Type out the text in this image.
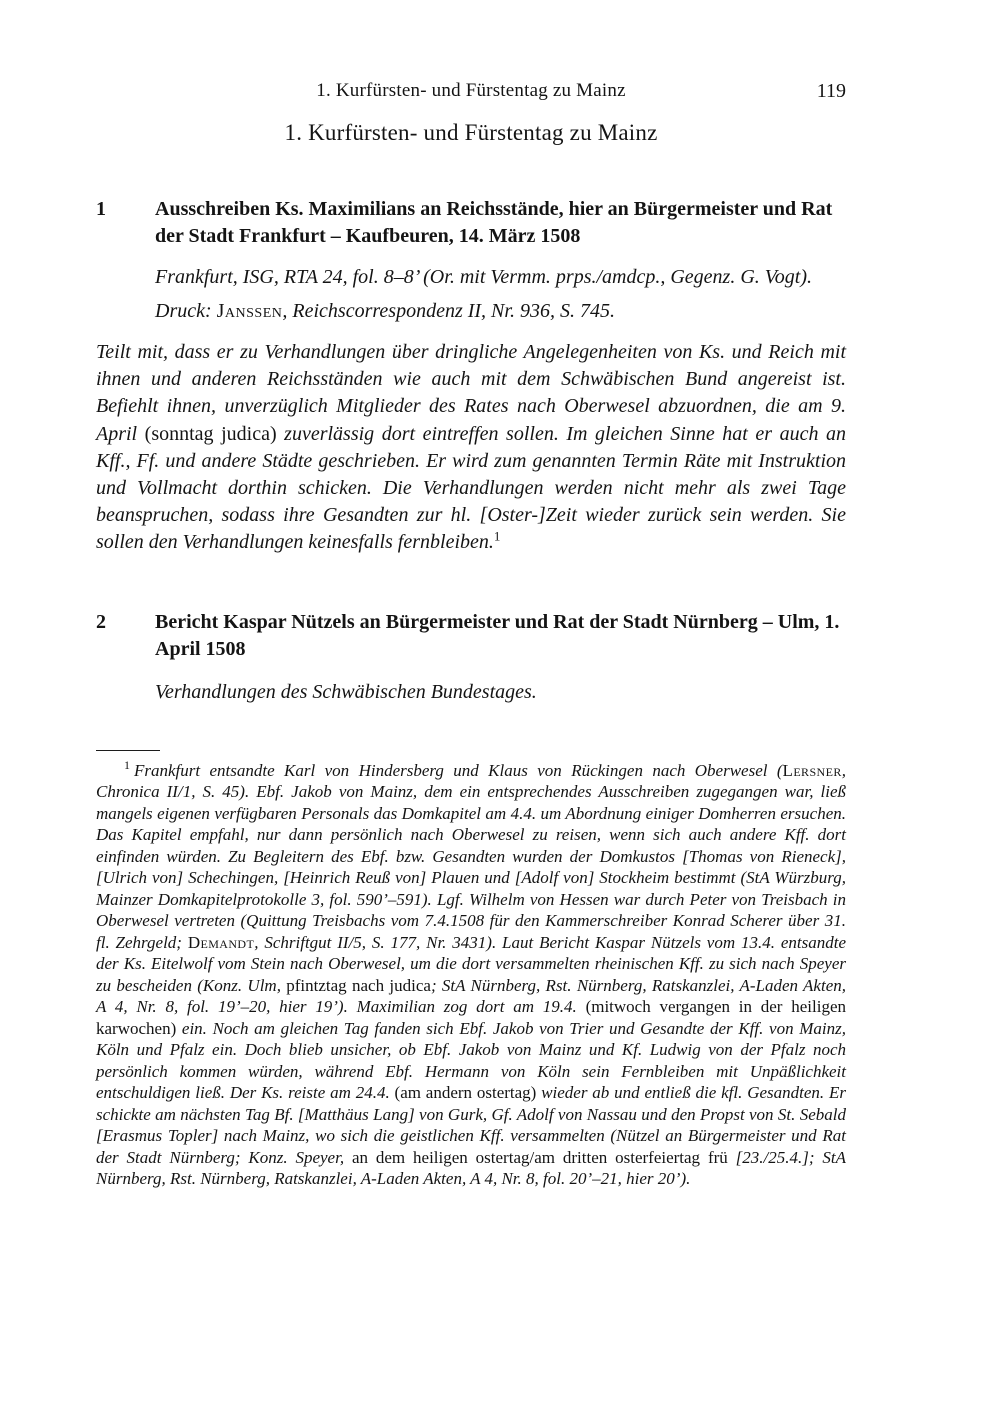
1. Kurfürsten- und Fürstentag zu Mainz	119
1. Kurfürsten- und Fürstentag zu Mainz
1	Ausschreiben Ks. Maximilians an Reichsstände, hier an Bürgermeister und Rat der Stadt Frankfurt – Kaufbeuren, 14. März 1508

Frankfurt, ISG, RTA 24, fol. 8–8’ (Or. mit Vermm. prps./amdcp., Gegenz. G. Vogt).

Druck: Janssen, Reichscorrespondenz II, Nr. 936, S. 745.

Teilt mit, dass er zu Verhandlungen über dringliche Angelegenheiten von Ks. und Reich mit ihnen und anderen Reichsständen wie auch mit dem Schwäbischen Bund angereist ist. Befiehlt ihnen, unverzüglich Mitglieder des Rates nach Oberwesel abzuordnen, die am 9. April (sonntag judica) zuverlässig dort eintreffen sollen. Im gleichen Sinne hat er auch an Kff., Ff. und andere Städte geschrieben. Er wird zum genannten Termin Räte mit Instruktion und Vollmacht dorthin schicken. Die Verhandlungen werden nicht mehr als zwei Tage beanspruchen, sodass ihre Gesandten zur hl. [Oster-]Zeit wieder zurück sein werden. Sie sollen den Verhandlungen keinesfalls fernbleiben.$^1$

2	Bericht Kaspar Nützels an Bürgermeister und Rat der Stadt Nürnberg – Ulm, 1. April 1508

Verhandlungen des Schwäbischen Bundestages.

$^1$ Frankfurt entsandte Karl von Hindersberg und Klaus von Rückingen nach Oberwesel (Lersner, Chronica II/1, S. 45). Ebf. Jakob von Mainz, dem ein entsprechendes Ausschreiben zugegangen war, ließ mangels eigenen verfügbaren Personals das Domkapitel am 4.4. um Abordnung einiger Domherren ersuchen. Das Kapitel empfahl, nur dann persönlich nach Oberwesel zu reisen, wenn sich auch andere Kff. dort einfinden würden. Zu Begleitern des Ebf. bzw. Gesandten wurden der Domkustos [Thomas von Rieneck], [Ulrich von] Schechingen, [Heinrich Reuß von] Plauen und [Adolf von] Stockheim bestimmt (StA Würzburg, Mainzer Domkapitelprotokolle 3, fol. 590’–591). Lgf. Wilhelm von Hessen war durch Peter von Treisbach in Oberwesel vertreten (Quittung Treisbachs vom 7.4.1508 für den Kammerschreiber Konrad Scherer über 31. fl. Zehrgeld; Demandt, Schriftgut II/5, S. 177, Nr. 3431). Laut Bericht Kaspar Nützels vom 13.4. entsandte der Ks. Eitelwolf vom Stein nach Oberwesel, um die dort versammelten rheinischen Kff. zu sich nach Speyer zu bescheiden (Konz. Ulm, pfintztag nach judica; StA Nürnberg, Rst. Nürnberg, Ratskanzlei, A-Laden Akten, A 4, Nr. 8, fol. 19’–20, hier 19’). Maximilian zog dort am 19.4. (mitwoch vergangen in der heiligen karwochen) ein. Noch am gleichen Tag fanden sich Ebf. Jakob von Trier und Gesandte der Kff. von Mainz, Köln und Pfalz ein. Doch blieb unsicher, ob Ebf. Jakob von Mainz und Kf. Ludwig von der Pfalz noch persönlich kommen würden, während Ebf. Hermann von Köln sein Fernbleiben mit Unpäßlichkeit entschuldigen ließ. Der Ks. reiste am 24.4. (am andern ostertag) wieder ab und entließ die kfl. Gesandten. Er schickte am nächsten Tag Bf. [Matthäus Lang] von Gurk, Gf. Adolf von Nassau und den Propst von St. Sebald [Erasmus Topler] nach Mainz, wo sich die geistlichen Kff. versammelten (Nützel an Bürgermeister und Rat der Stadt Nürnberg; Konz. Speyer, an dem heiligen ostertag/am dritten osterfeiertag frü [23./25.4.]; StA Nürnberg, Rst. Nürnberg, Ratskanzlei, A-Laden Akten, A 4, Nr. 8, fol. 20’–21, hier 20’).
